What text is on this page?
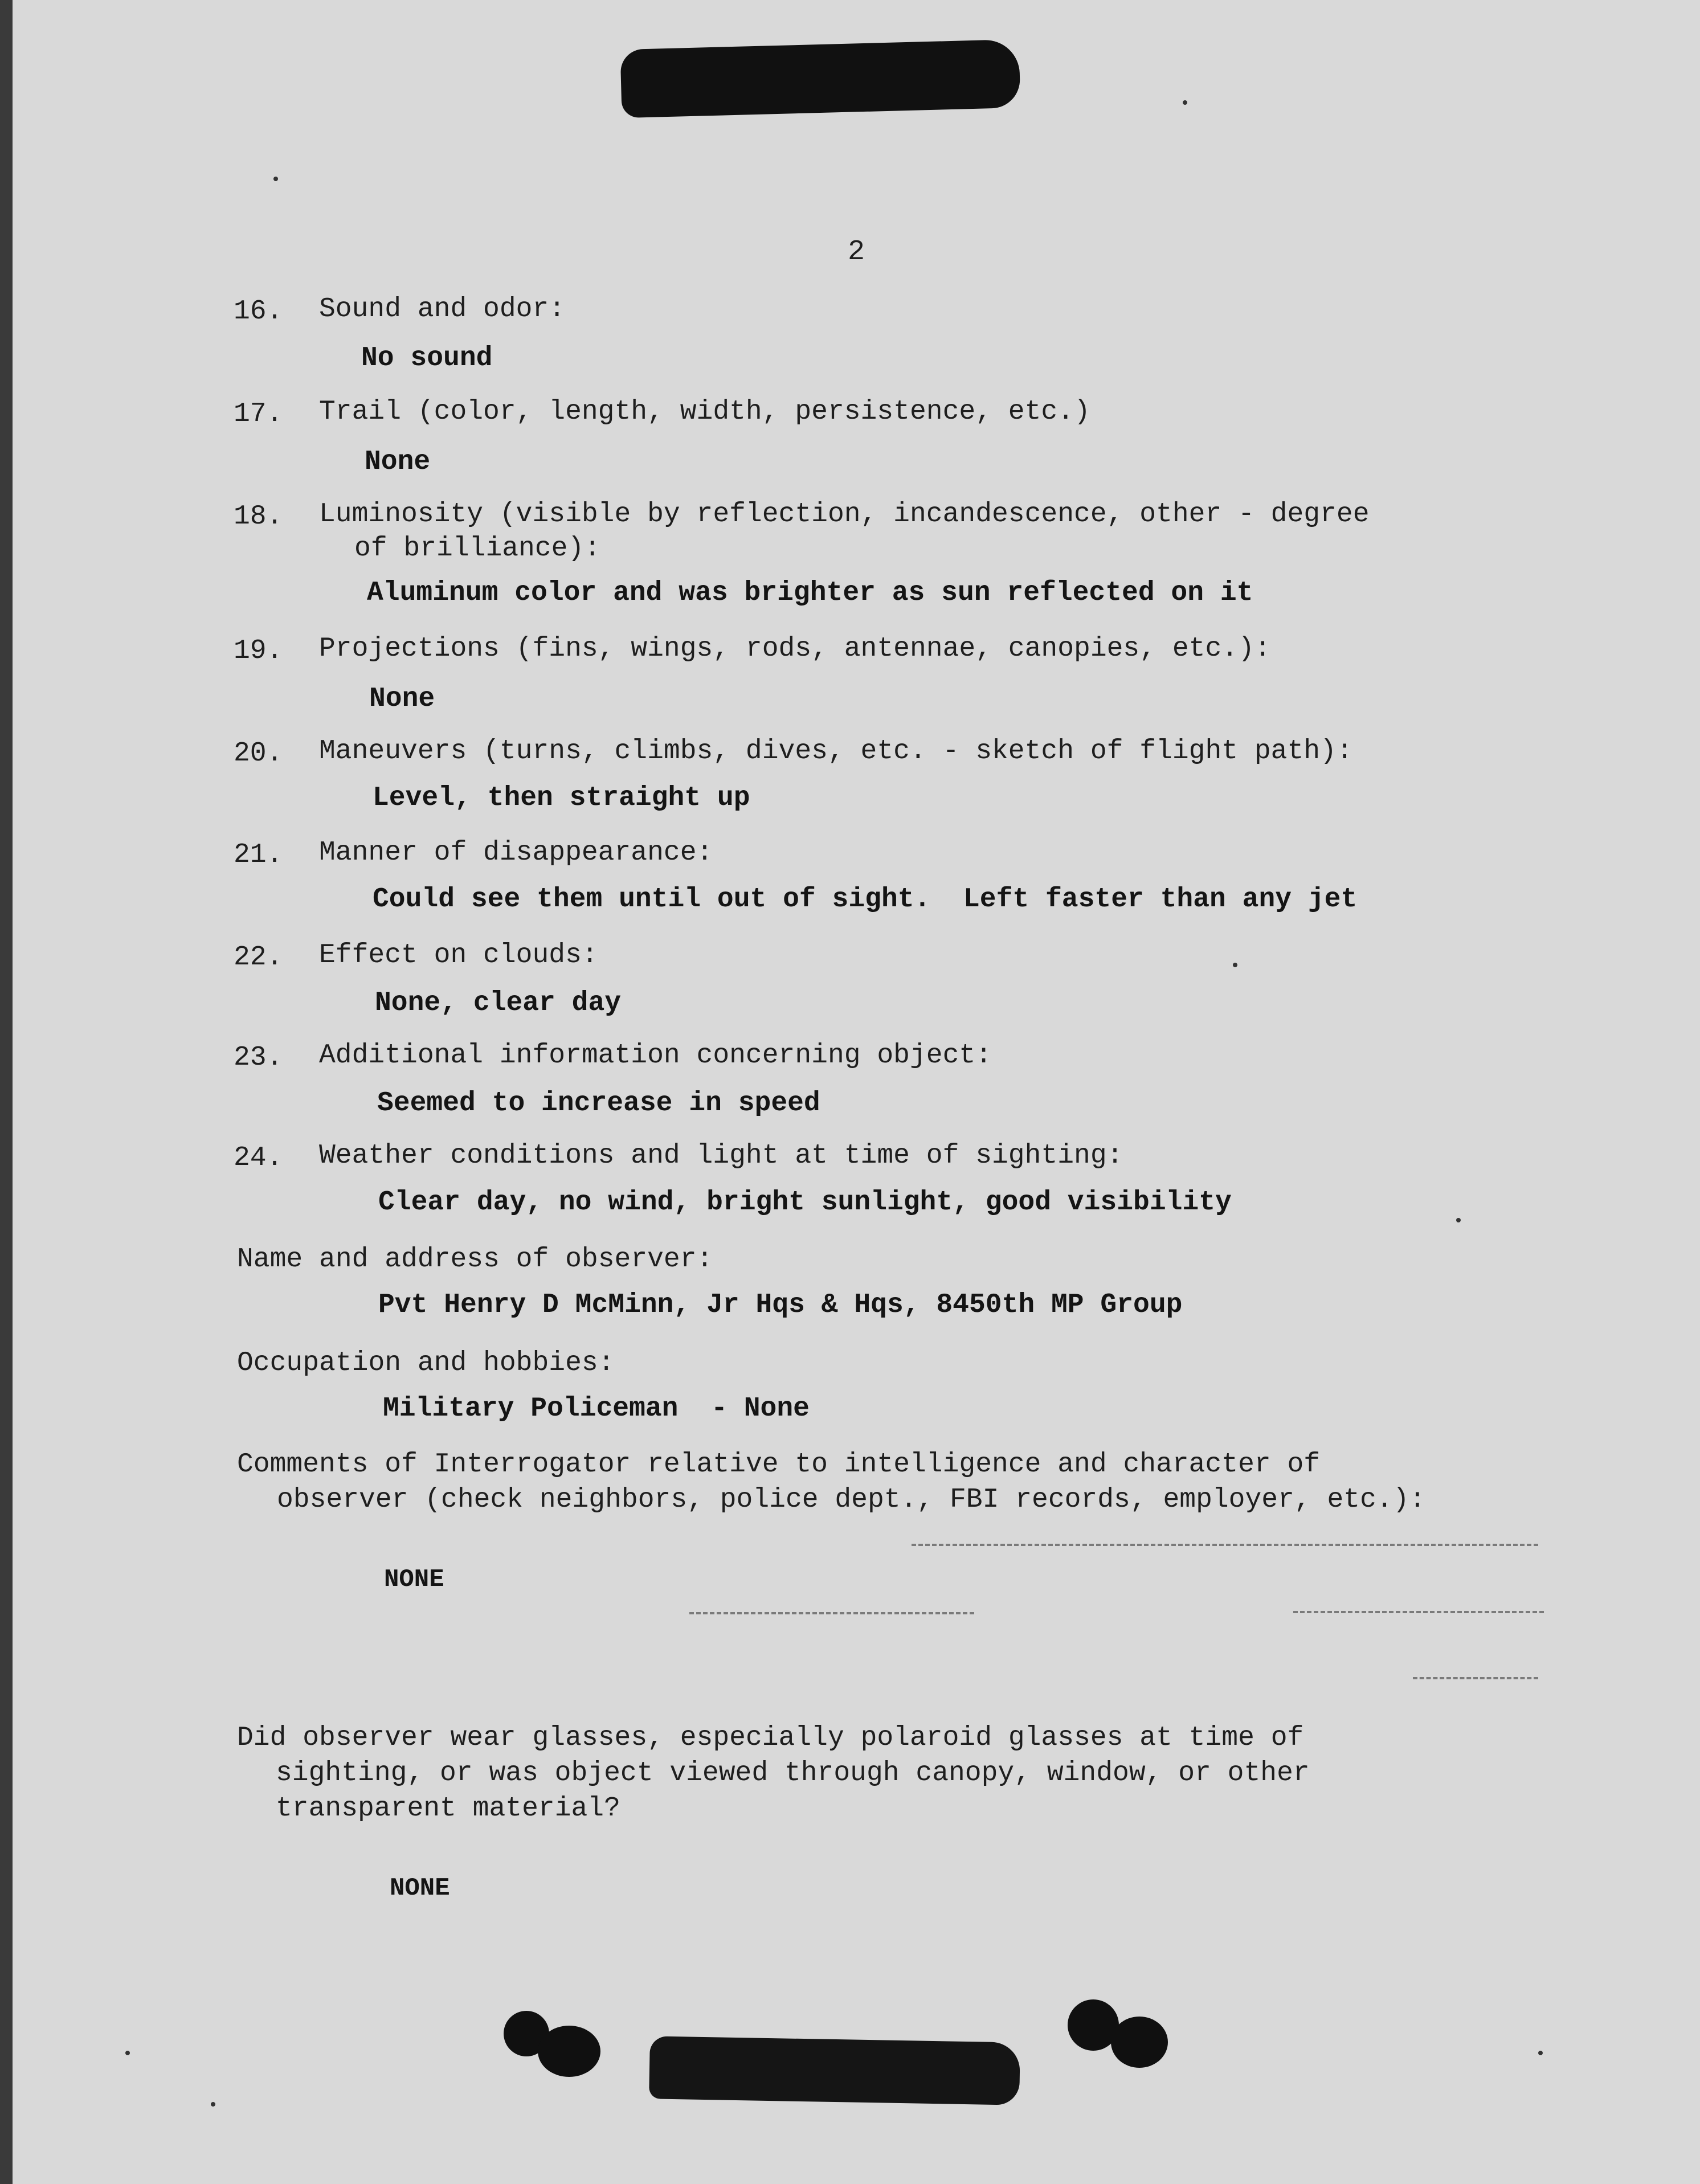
2
16. Sound and odor:
No sound
17. Trail (color, length, width, persistence, etc.)
None
18. Luminosity (visible by reflection, incandescence, other - degree
of brilliance):
Aluminum color and was brighter as sun reflected on it
19. Projections (fins, wings, rods, antennae, canopies, etc.):
None
20. Maneuvers (turns, climbs, dives, etc. - sketch of flight path):
Level, then straight up
21. Manner of disappearance:
Could see them until out of sight.  Left faster than any jet
22. Effect on clouds:
None, clear day
23. Additional information concerning object:
Seemed to increase in speed
24. Weather conditions and light at time of sighting:
Clear day, no wind, bright sunlight, good visibility
Name and address of observer:
Pvt Henry D McMinn, Jr Hqs & Hqs, 8450th MP Group
Occupation and hobbies:
Military Policeman  - None
Comments of Interrogator relative to intelligence and character of
observer (check neighbors, police dept., FBI records, employer, etc.):
NONE
Did observer wear glasses, especially polaroid glasses at time of
sighting, or was object viewed through canopy, window, or other
transparent material?
NONE
